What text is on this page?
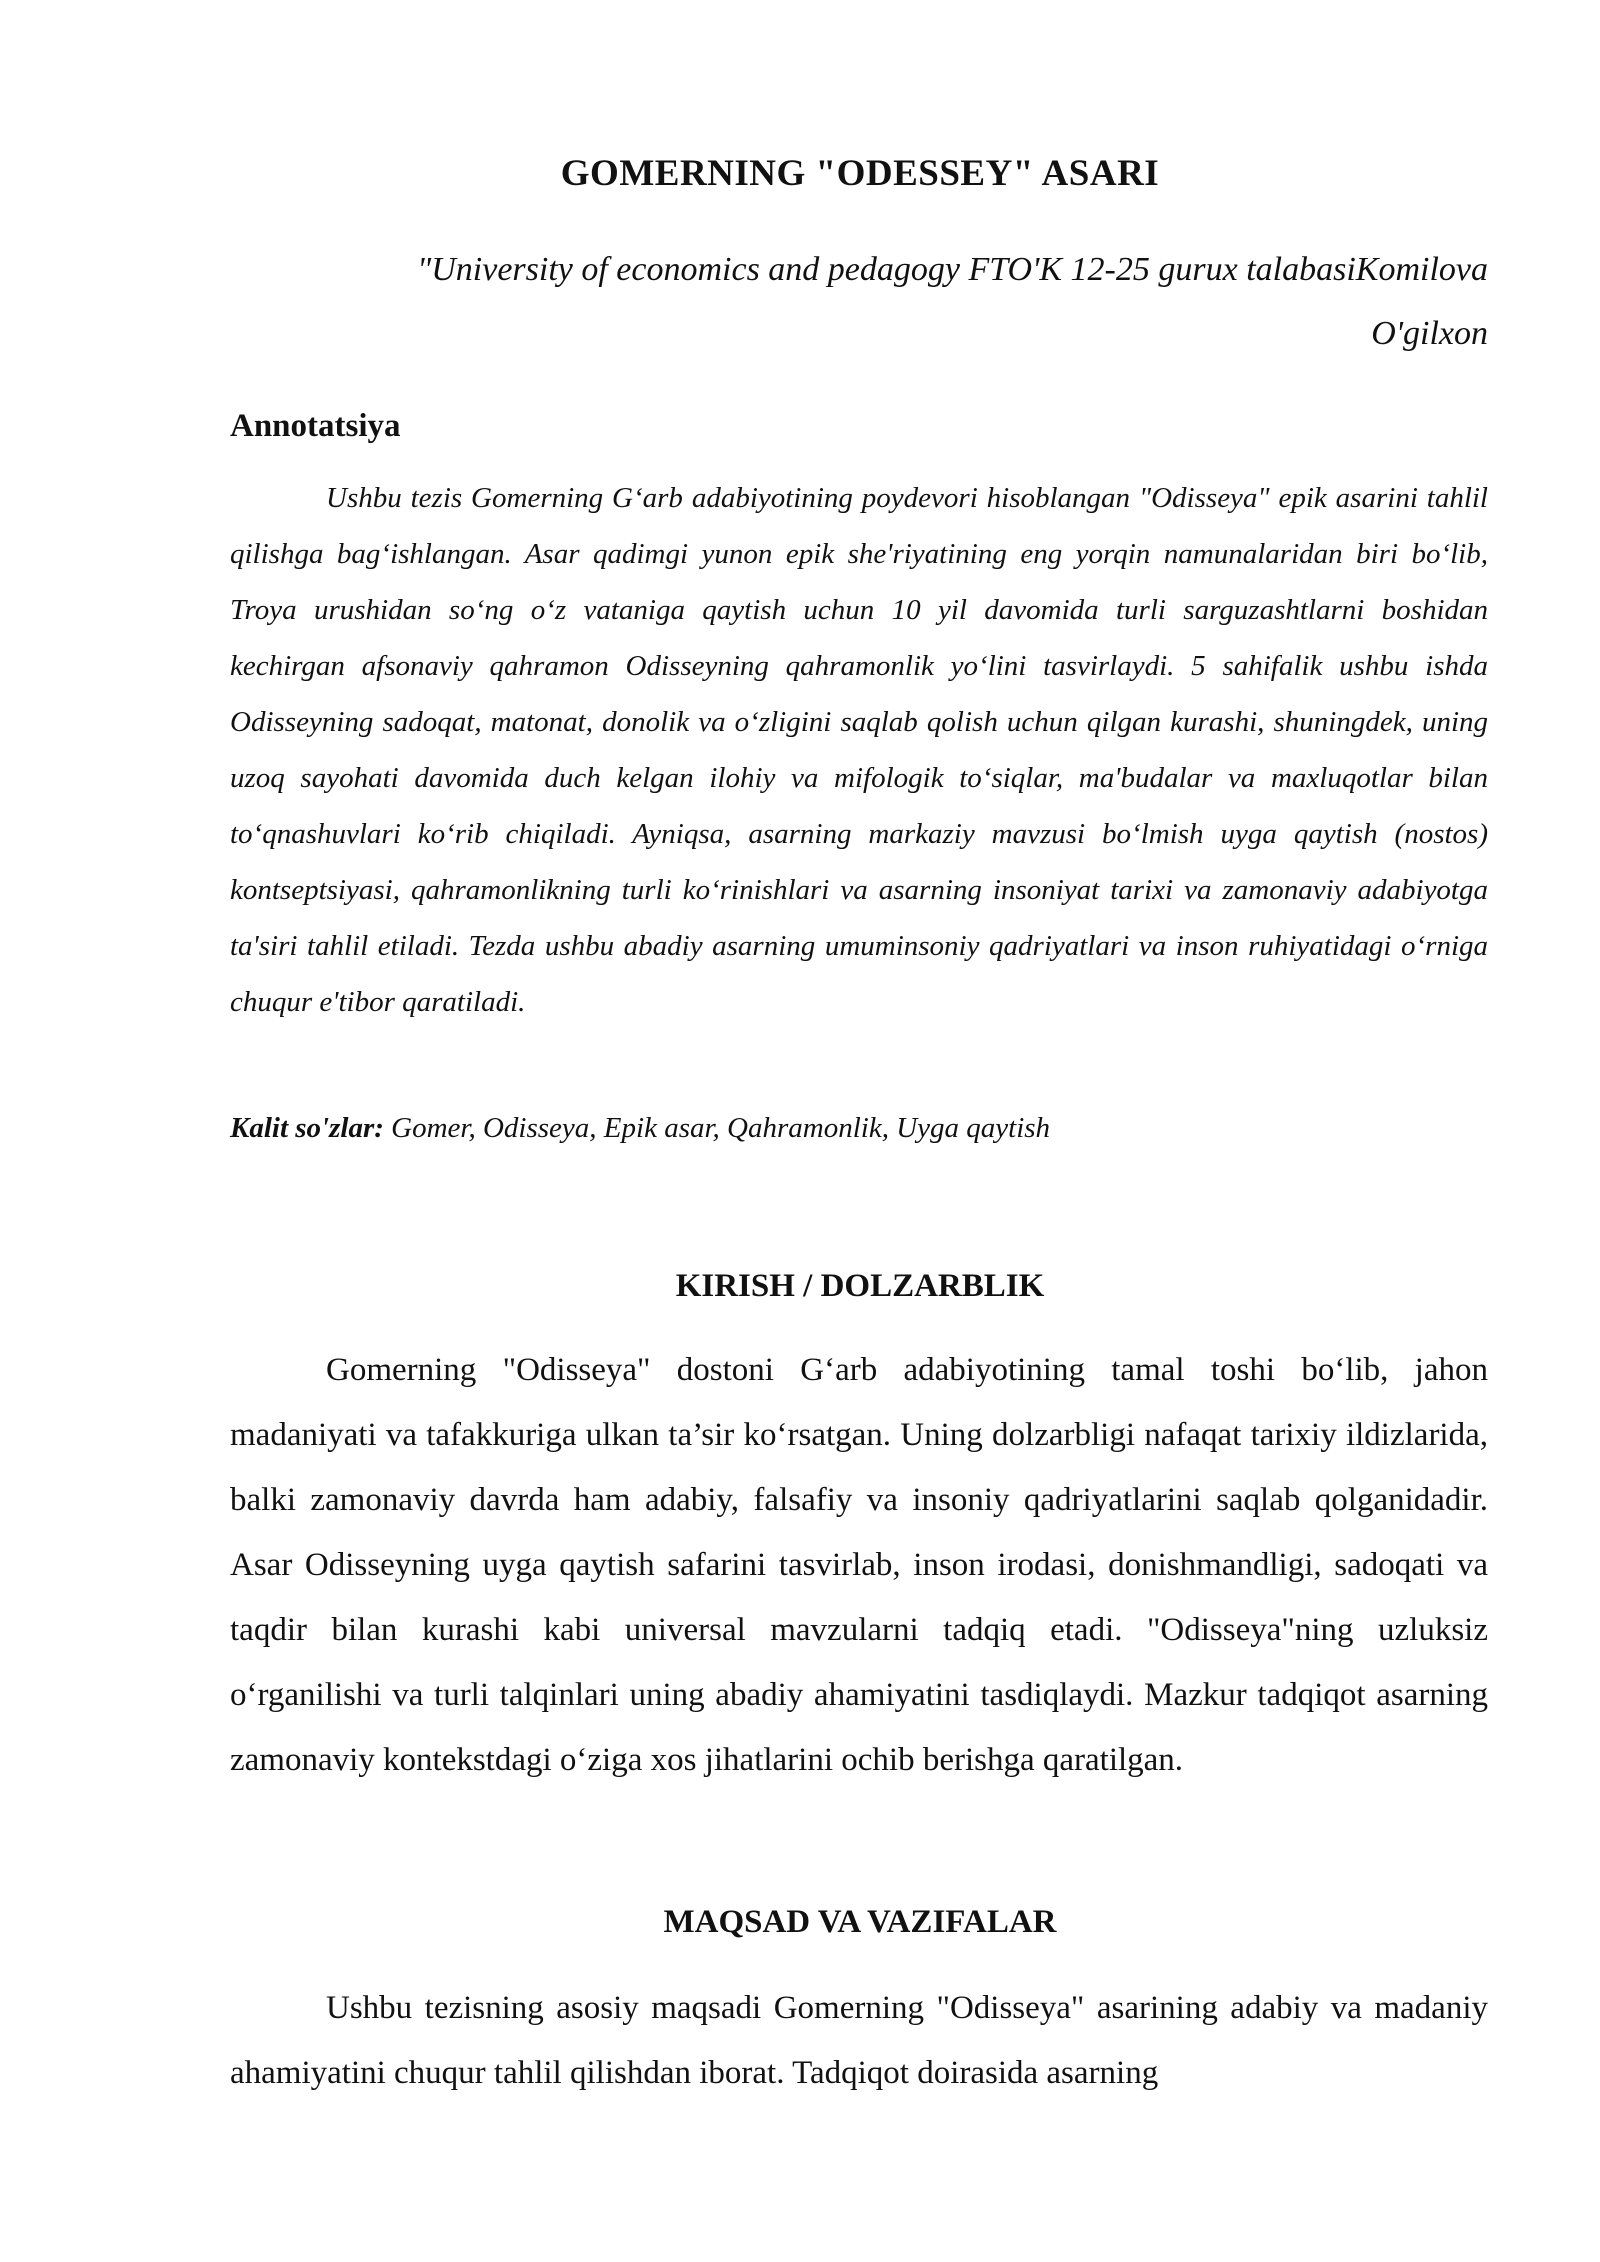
GOMERNING "ODESSEY" ASARI

"University of economics and pedagogy FTO'K 12-25 gurux talabasiKomilova O'gilxon

Annotatsiya

Ushbu tezis Gomerning G‘arb adabiyotining poydevori hisoblangan "Odisseya" epik asarini tahlil qilishga bag‘ishlangan. Asar qadimgi yunon epik she'riyatining eng yorqin namunalaridan biri bo‘lib, Troya urushidan so‘ng o‘z vataniga qaytish uchun 10 yil davomida turli sarguzashtlarni boshidan kechirgan afsonaviy qahramon Odisseyning qahramonlik yo‘lini tasvirlaydi. 5 sahifalik ushbu ishda Odisseyning sadoqat, matonat, donolik va o‘zligini saqlab qolish uchun qilgan kurashi, shuningdek, uning uzoq sayohati davomida duch kelgan ilohiy va mifologik to‘siqlar, ma'budalar va maxluqotlar bilan to‘qnashuvlari ko‘rib chiqiladi. Ayniqsa, asarning markaziy mavzusi bo‘lmish uyga qaytish (nostos) kontseptsiyasi, qahramonlikning turli ko‘rinishlari va asarning insoniyat tarixi va zamonaviy adabiyotga ta'siri tahlil etiladi. Tezda ushbu abadiy asarning umuminsoniy qadriyatlari va inson ruhiyatidagi o‘rniga chuqur e'tibor qaratiladi.

Kalit so'zlar: Gomer, Odisseya, Epik asar, Qahramonlik, Uyga qaytish

KIRISH / DOLZARBLIK

Gomerning "Odisseya" dostoni G‘arb adabiyotining tamal toshi bo‘lib, jahon madaniyati va tafakkuriga ulkan ta’sir ko‘rsatgan. Uning dolzarbligi nafaqat tarixiy ildizlarida, balki zamonaviy davrda ham adabiy, falsafiy va insoniy qadriyatlarini saqlab qolganidadir. Asar Odisseyning uyga qaytish safarini tasvirlab, inson irodasi, donishmandligi, sadoqati va taqdir bilan kurashi kabi universal mavzularni tadqiq etadi. "Odisseya"ning uzluksiz o‘rganilishi va turli talqinlari uning abadiy ahamiyatini tasdiqlaydi. Mazkur tadqiqot asarning zamonaviy kontekstdagi o‘ziga xos jihatlarini ochib berishga qaratilgan.

MAQSAD VA VAZIFALAR

Ushbu tezisning asosiy maqsadi Gomerning "Odisseya" asarining adabiy va madaniy ahamiyatini chuqur tahlil qilishdan iborat. Tadqiqot doirasida asarning
